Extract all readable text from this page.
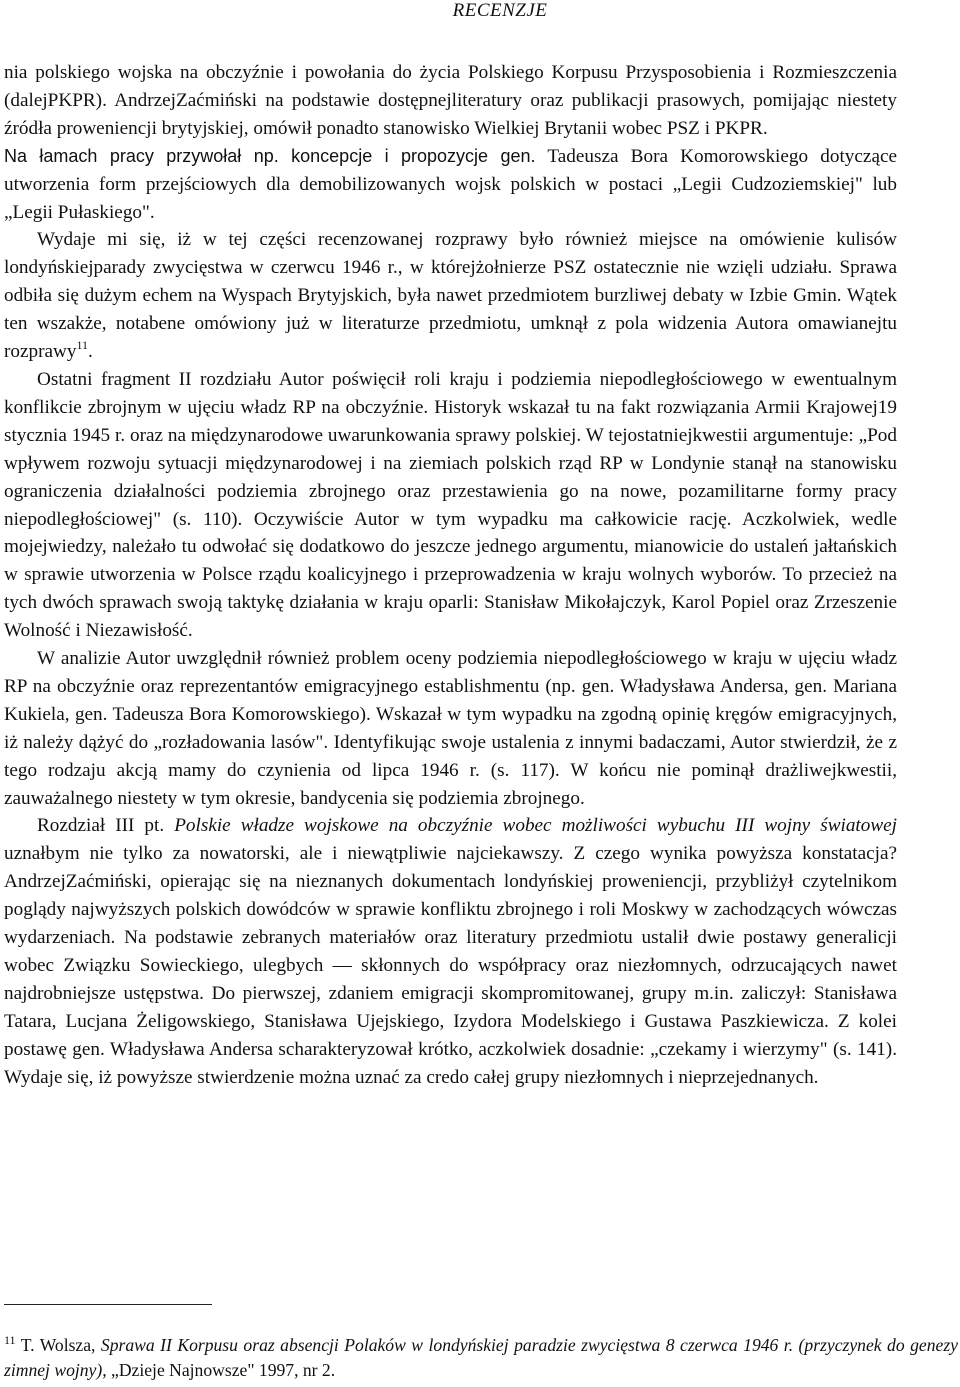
RECENZJE

nia polskiego wojska na obczyźnie i powołania do życia Polskiego Korpusu Przysposobienia i Rozmieszczenia (dalejPKPR). AndrzejZaćmiński na podstawie dostępnejliteratury oraz publikacji prasowych, pomijając niestety źródła proweniencji brytyjskiej, omówił ponadto stanowisko Wielkiej Brytanii wobec PSZ i PKPR.

Na łamach pracy przywołał np. koncepcje i propozycje gen. Tadeusza Bora Komorowskiego dotyczące utworzenia form przejściowych dla demobilizowanych wojsk polskich w postaci „Legii Cudzoziemskiej" lub „Legii Pułaskiego".

Wydaje mi się, iż w tej części recenzowanej rozprawy było również miejsce na omówienie kulisów londyńskiejparady zwycięstwa w czerwcu 1946 r., w którejżołnierze PSZ ostatecznie nie wzięli udziału. Sprawa odbiła się dużym echem na Wyspach Brytyjskich, była nawet przedmiotem burzliwej debaty w Izbie Gmin. Wątek ten wszakże, notabene omówiony już w literaturze przedmiotu, umknął z pola widzenia Autora omawianejtu rozprawy$^{11}$.

Ostatni fragment II rozdziału Autor poświęcił roli kraju i podziemia niepodległościowego w ewentualnym konflikcie zbrojnym w ujęciu władz RP na obczyźnie. Historyk wskazał tu na fakt rozwiązania Armii Krajowej19 stycznia 1945 r. oraz na międzynarodowe uwarunkowania sprawy polskiej. W tejostatniejkwestii argumentuje: „Pod wpływem rozwoju sytuacji międzynarodowej i na ziemiach polskich rząd RP w Londynie stanął na stanowisku ograniczenia działalności podziemia zbrojnego oraz przestawienia go na nowe, pozamilitarne formy pracy niepodległościowej" (s. 110). Oczywiście Autor w tym wypadku ma całkowicie rację. Aczkolwiek, wedle mojejwiedzy, należało tu odwołać się dodatkowo do jeszcze jednego argumentu, mianowicie do ustaleń jałtańskich w sprawie utworzenia w Polsce rządu koalicyjnego i przeprowadzenia w kraju wolnych wyborów. To przecież na tych dwóch sprawach swoją taktykę działania w kraju oparli: Stanisław Mikołajczyk, Karol Popiel oraz Zrzeszenie Wolność i Niezawisłość.

W analizie Autor uwzględnił również problem oceny podziemia niepodległościowego w kraju w ujęciu władz RP na obczyźnie oraz reprezentantów emigracyjnego establishmentu (np. gen. Władysława Andersa, gen. Mariana Kukiela, gen. Tadeusza Bora Komorowskiego). Wskazał w tym wypadku na zgodną opinię kręgów emigracyjnych, iż należy dążyć do „rozładowania lasów". Identyfikując swoje ustalenia z innymi badaczami, Autor stwierdził, że z tego rodzaju akcją mamy do czynienia od lipca 1946 r. (s. 117). W końcu nie pominął drażliwejkwestii, zauważalnego niestety w tym okresie, bandycenia się podziemia zbrojnego.

Rozdział III pt. Polskie władze wojskowe na obczyźnie wobec możliwości wybuchu III wojny światowej uznałbym nie tylko za nowatorski, ale i niewątpliwie najciekawszy. Z czego wynika powyższa konstatacja? AndrzejZaćmiński, opierając się na nieznanych dokumentach londyńskiej proweniencji, przybliżył czytelnikom poglądy najwyższych polskich dowódców w sprawie konfliktu zbrojnego i roli Moskwy w zachodzących wówczas wydarzeniach. Na podstawie zebranych materiałów oraz literatury przedmiotu ustalił dwie postawy generalicji wobec Związku Sowieckiego, ulegbych — skłonnych do współpracy oraz niezłomnych, odrzucających nawet najdrobniejsze ustępstwa. Do pierwszej, zdaniem emigracji skompromitowanej, grupy m.in. zaliczył: Stanisława Tatara, Lucjana Żeligowskiego, Stanisława Ujejskiego, Izydora Modelskiego i Gustawa Paszkiewicza. Z kolei postawę gen. Władysława Andersa scharakteryzował krótko, aczkolwiek dosadnie: „czekamy i wierzymy" (s. 141). Wydaje się, iż powyższe stwierdzenie można uznać za credo całej grupy niezłomnych i nieprzejednanych.

$^{11}$ T. Wolsza, Sprawa II Korpusu oraz absencji Polaków w londyńskiej paradzie zwycięstwa 8 czerwca 1946 r. (przyczynek do genezy zimnej wojny), „Dzieje Najnowsze" 1997, nr 2.
